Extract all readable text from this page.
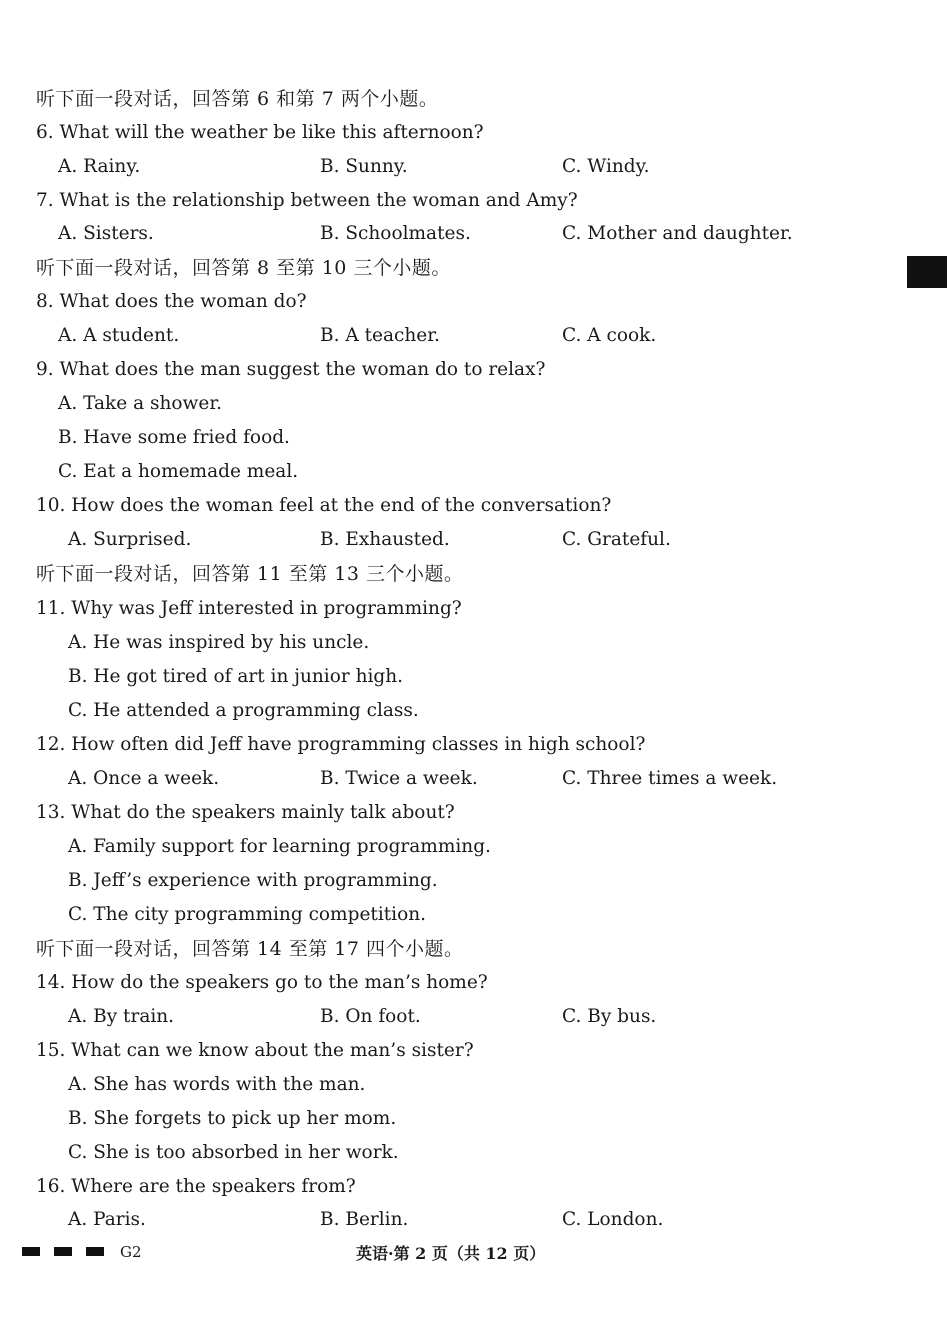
听下面一段对话，回答第 6 和第 7 两个小题。
6. What will the weather be like this afternoon?
A. Rainy.	B. Sunny.	C. Windy.
7. What is the relationship between the woman and Amy?
A. Sisters.	B. Schoolmates.	C. Mother and daughter.
听下面一段对话，回答第 8 至第 10 三个小题。
8. What does the woman do?
A. A student.	B. A teacher.	C. A cook.
9. What does the man suggest the woman do to relax?
A. Take a shower.
B. Have some fried food.
C. Eat a homemade meal.
10. How does the woman feel at the end of the conversation?
A. Surprised.	B. Exhausted.	C. Grateful.
听下面一段对话，回答第 11 至第 13 三个小题。
11. Why was Jeff interested in programming?
A. He was inspired by his uncle.
B. He got tired of art in junior high.
C. He attended a programming class.
12. How often did Jeff have programming classes in high school?
A. Once a week.	B. Twice a week.	C. Three times a week.
13. What do the speakers mainly talk about?
A. Family support for learning programming.
B. Jeff’s experience with programming.
C. The city programming competition.
听下面一段对话，回答第 14 至第 17 四个小题。
14. How do the speakers go to the man’s home?
A. By train.	B. On foot.	C. By bus.
15. What can we know about the man’s sister?
A. She has words with the man.
B. She forgets to pick up her mom.
C. She is too absorbed in her work.
16. Where are the speakers from?
A. Paris.	B. Berlin.	C. London.
G2	英语·第 2 页（共 12 页）
